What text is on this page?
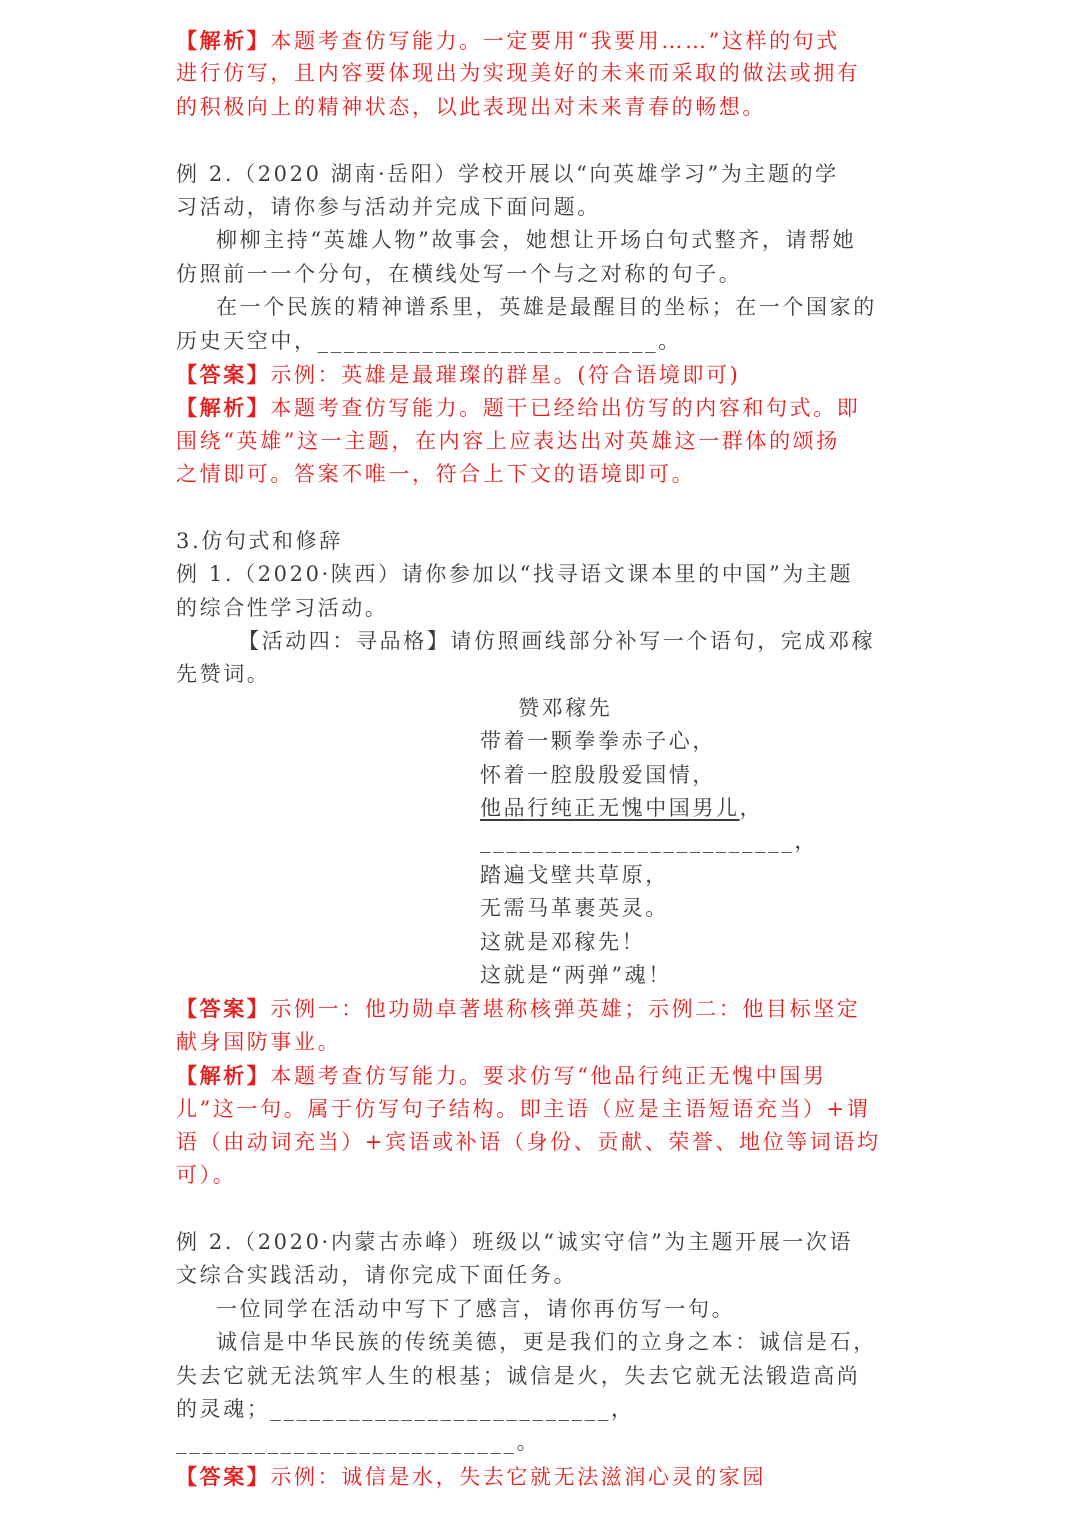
【解析】本题考查仿写能力。一定要用“我要用……”这样的句式
进行仿写，且内容要体现出为实现美好的未来而采取的做法或拥有
的积极向上的精神状态，以此表现出对未来青春的畅想。
例 2.（2020 湖南·岳阳）学校开展以“向英雄学习”为主题的学
习活动，请你参与活动并完成下面问题。
柳柳主持“英雄人物”故事会，她想让开场白句式整齐，请帮她
仿照前一一个分句，在横线处写一个与之对称的句子。
在一个民族的精神谱系里，英雄是最醒目的坐标；在一个国家的
历史天空中，__________________________。
【答案】示例：英雄是最璀璨的群星。(符合语境即可)
【解析】本题考查仿写能力。题干已经给出仿写的内容和句式。即
围绕“英雄”这一主题，在内容上应表达出对英雄这一群体的颂扬
之情即可。答案不唯一，符合上下文的语境即可。
3.仿句式和修辞
例 1.（2020·陕西）请你参加以“找寻语文课本里的中国”为主题
的综合性学习活动。
【活动四：寻品格】请仿照画线部分补写一个语句，完成邓稼
先赞词。
赞邓稼先
带着一颗拳拳赤子心，
怀着一腔殷殷爱国情，
他品行纯正无愧中国男儿，
________________________，
踏遍戈壁共草原，
无需马革裹英灵。
这就是邓稼先！
这就是“两弹”魂！
【答案】示例一：他功勋卓著堪称核弹英雄；示例二：他目标坚定
献身国防事业。
【解析】本题考查仿写能力。要求仿写“他品行纯正无愧中国男
儿”这一句。属于仿写句子结构。即主语（应是主语短语充当）+谓
语（由动词充当）+宾语或补语（身份、贡献、荣誉、地位等词语均
可）。
例 2.（2020·内蒙古赤峰）班级以“诚实守信”为主题开展一次语
文综合实践活动，请你完成下面任务。
一位同学在活动中写下了感言，请你再仿写一句。
诚信是中华民族的传统美德，更是我们的立身之本：诚信是石，
失去它就无法筑牢人生的根基；诚信是火，失去它就无法锻造高尚
的灵魂；__________________________，
__________________________。
【答案】示例：诚信是水，失去它就无法滋润心灵的家园
